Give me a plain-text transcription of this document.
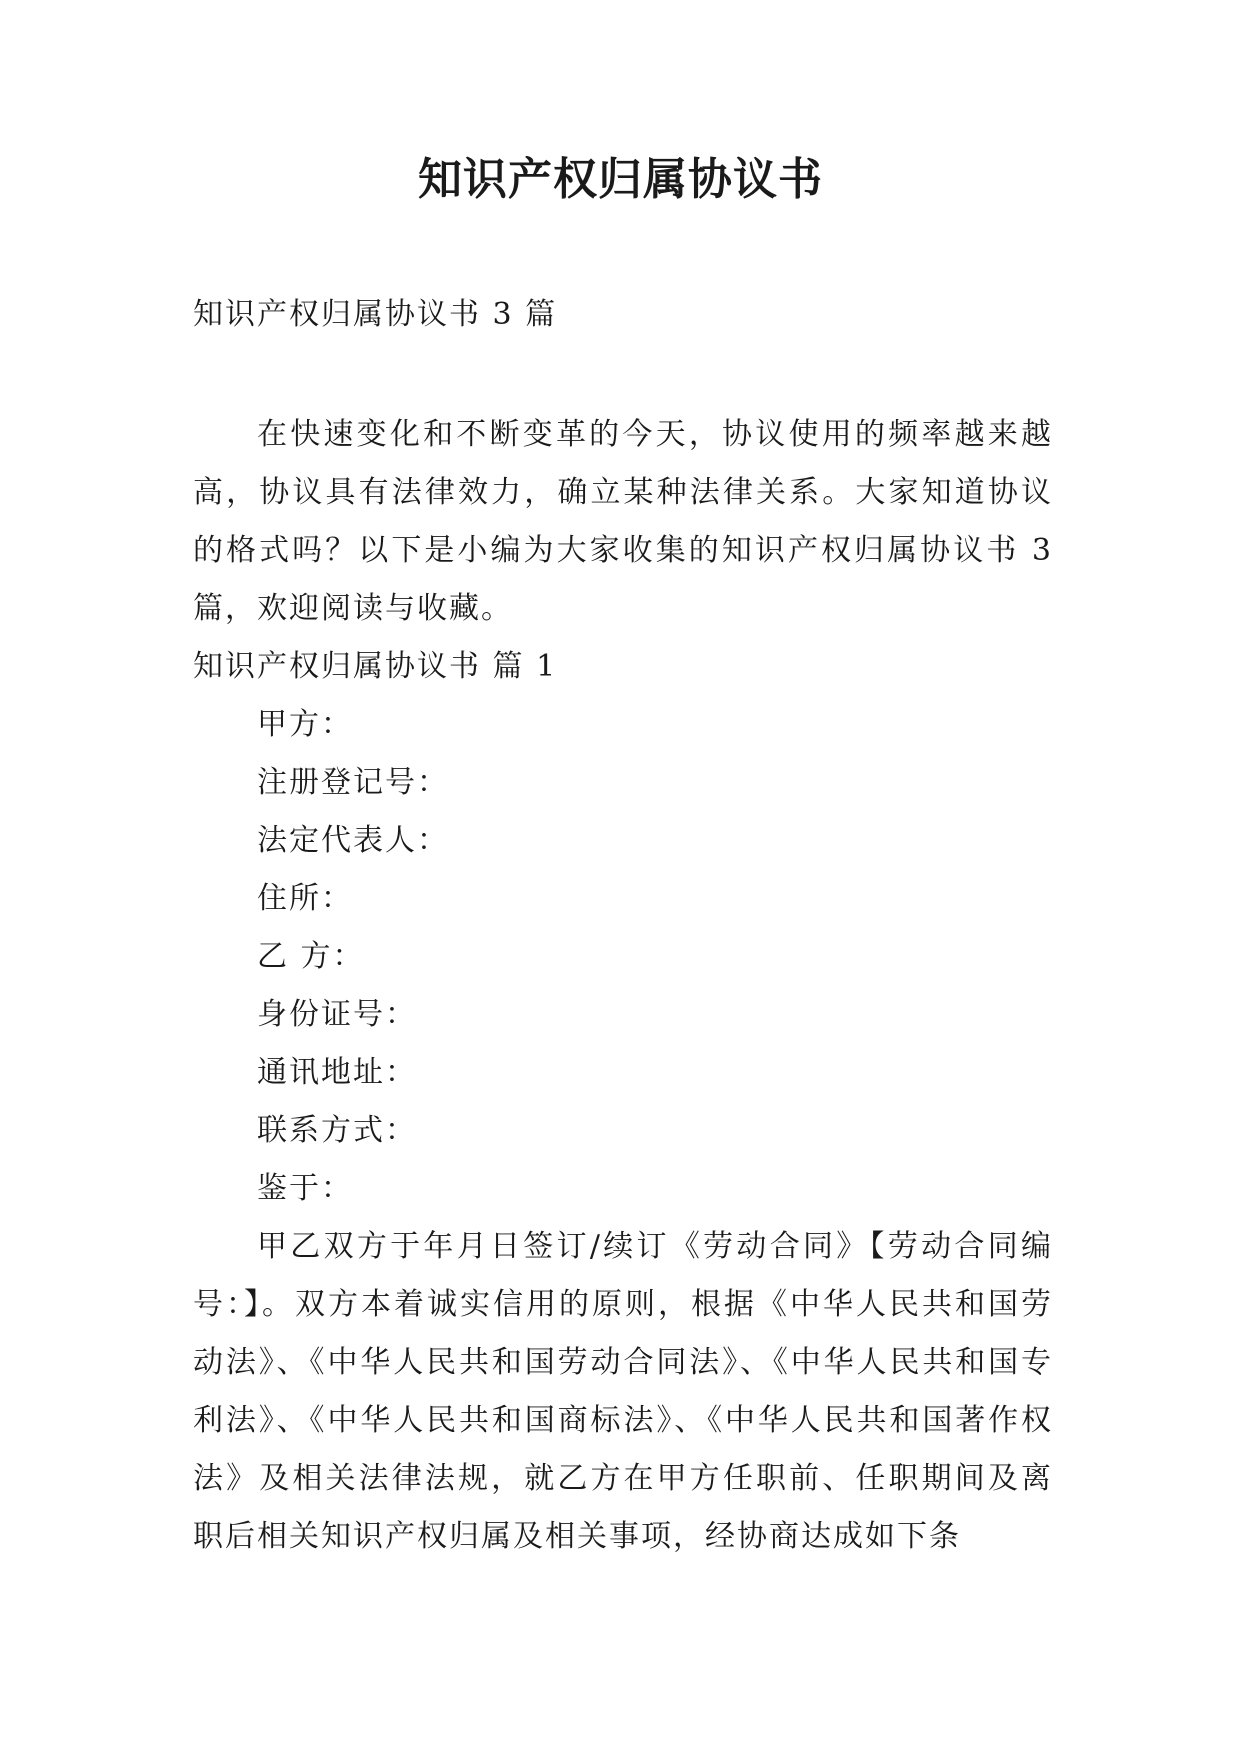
知识产权归属协议书
知识产权归属协议书 3 篇
在快速变化和不断变革的今天，协议使用的频率越来越高，协议具有法律效力，确立某种法律关系。大家知道协议的格式吗？以下是小编为大家收集的知识产权归属协议书 3 篇，欢迎阅读与收藏。
知识产权归属协议书 篇 1
甲方：
注册登记号：
法定代表人：
住所：
乙 方：
身份证号：
通讯地址：
联系方式：
鉴于：
甲乙双方于年月日签订/续订《劳动合同》【劳动合同编号：】。双方本着诚实信用的原则，根据《中华人民共和国劳动法》、《中华人民共和国劳动合同法》、《中华人民共和国专利法》、《中华人民共和国商标法》、《中华人民共和国著作权法》及相关法律法规，就乙方在甲方任职前、任职期间及离职后相关知识产权归属及相关事项，经协商达成如下条
